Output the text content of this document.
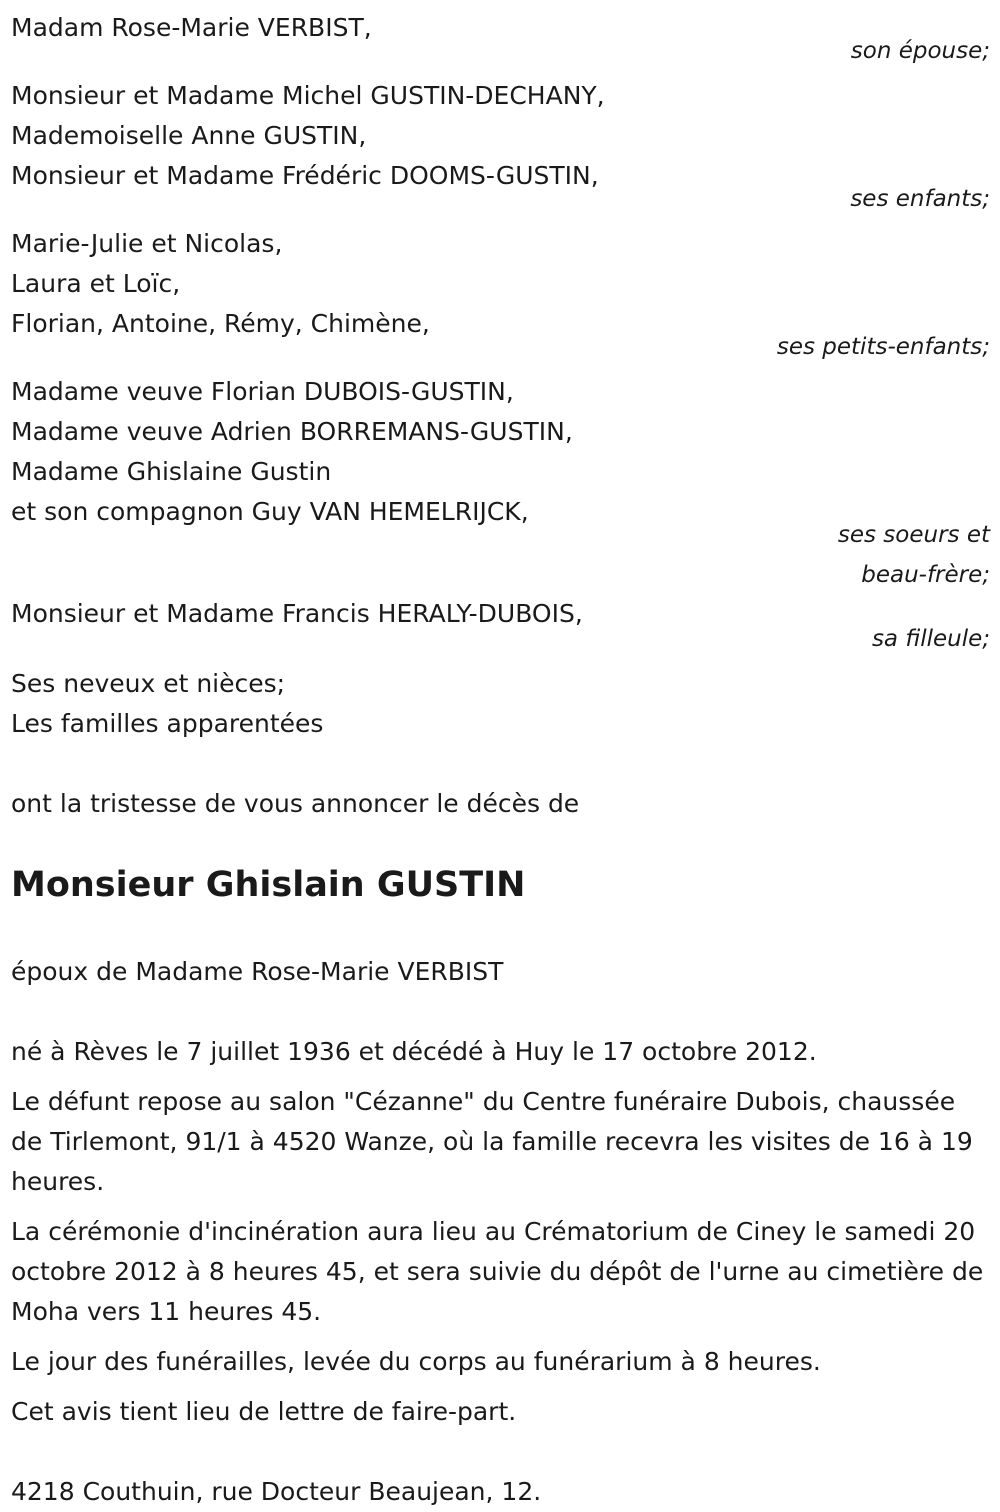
Madam Rose-Marie VERBIST,
son épouse;
Monsieur et Madame Michel GUSTIN-DECHANY,
Mademoiselle Anne GUSTIN,
Monsieur et Madame Frédéric DOOMS-GUSTIN,
ses enfants;
Marie-Julie et Nicolas,
Laura et Loïc,
Florian, Antoine, Rémy, Chimène,
ses petits-enfants;
Madame veuve Florian DUBOIS-GUSTIN,
Madame veuve Adrien BORREMANS-GUSTIN,
Madame Ghislaine Gustin
et son compagnon Guy VAN HEMELRIJCK,
ses soeurs et
beau-frère;
Monsieur et Madame Francis HERALY-DUBOIS,
sa filleule;
Ses neveux et nièces;
Les familles apparentées
ont la tristesse de vous annoncer le décès de
Monsieur Ghislain GUSTIN
époux de Madame Rose-Marie VERBIST
né à Rèves le 7 juillet 1936 et décédé à Huy le 17 octobre 2012.
Le défunt repose au salon "Cézanne" du Centre funéraire Dubois, chaussée de Tirlemont, 91/1 à 4520 Wanze, où la famille recevra les visites de 16 à 19 heures.
La cérémonie d'incinération aura lieu au Crématorium de Ciney le samedi 20 octobre 2012 à 8 heures 45, et sera suivie du dépôt de l'urne au cimetière de Moha vers 11 heures 45.
Le jour des funérailles, levée du corps au funérarium à 8 heures.
Cet avis tient lieu de lettre de faire-part.
4218 Couthuin, rue Docteur Beaujean, 12.
